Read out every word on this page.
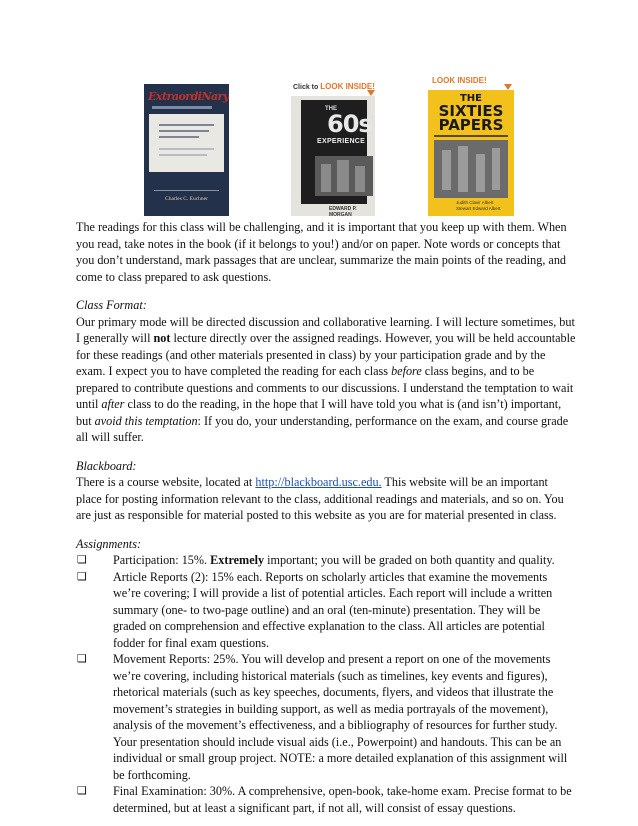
ExtraordiNary
Charles C. Euchner
Click to LOOK INSIDE!
THE
60s
EXPERIENCE
EDWARD P. MORGAN
LOOK INSIDE!
THE
SIXTIES
PAPERS
Judith Clavir Albert
Stewart Edward Albert

The readings for this class will be challenging, and it is important that you keep up with them. When you read, take notes in the book (if it belongs to you!) and/or on paper. Note words or concepts that you don’t understand, mark passages that are unclear, summarize the main points of the reading, and come to class prepared to ask questions.

Class Format:

Our primary mode will be directed discussion and collaborative learning. I will lecture sometimes, but I generally will not lecture directly over the assigned readings. However, you will be held accountable for these readings (and other materials presented in class) by your participation grade and by the exam. I expect you to have completed the reading for each class before class begins, and to be prepared to contribute questions and comments to our discussions. I understand the temptation to wait until after class to do the reading, in the hope that I will have told you what is (and isn’t) important, but avoid this temptation: If you do, your understanding, performance on the exam, and course grade all will suffer.

Blackboard:

There is a course website, located at http://blackboard.usc.edu. This website will be an important place for posting information relevant to the class, additional readings and materials, and so on. You are just as responsible for material posted to this website as you are for material presented in class.

Assignments:

❏ Participation: 15%. Extremely important; you will be graded on both quantity and quality.
❏ Article Reports (2): 15% each. Reports on scholarly articles that examine the movements we’re covering; I will provide a list of potential articles. Each report will include a written summary (one- to two-page outline) and an oral (ten-minute) presentation. They will be graded on comprehension and effective explanation to the class. All articles are potential fodder for final exam questions.
❏ Movement Reports: 25%. You will develop and present a report on one of the movements we’re covering, including historical materials (such as timelines, key events and figures), rhetorical materials (such as key speeches, documents, flyers, and videos that illustrate the movement’s strategies in building support, as well as media portrayals of the movement), analysis of the movement’s effectiveness, and a bibliography of resources for further study. Your presentation should include visual aids (i.e., Powerpoint) and handouts. This can be an individual or small group project. NOTE: a more detailed explanation of this assignment will be forthcoming.
❏ Final Examination: 30%. A comprehensive, open-book, take-home exam. Precise format to be determined, but at least a significant part, if not all, will consist of essay questions.
